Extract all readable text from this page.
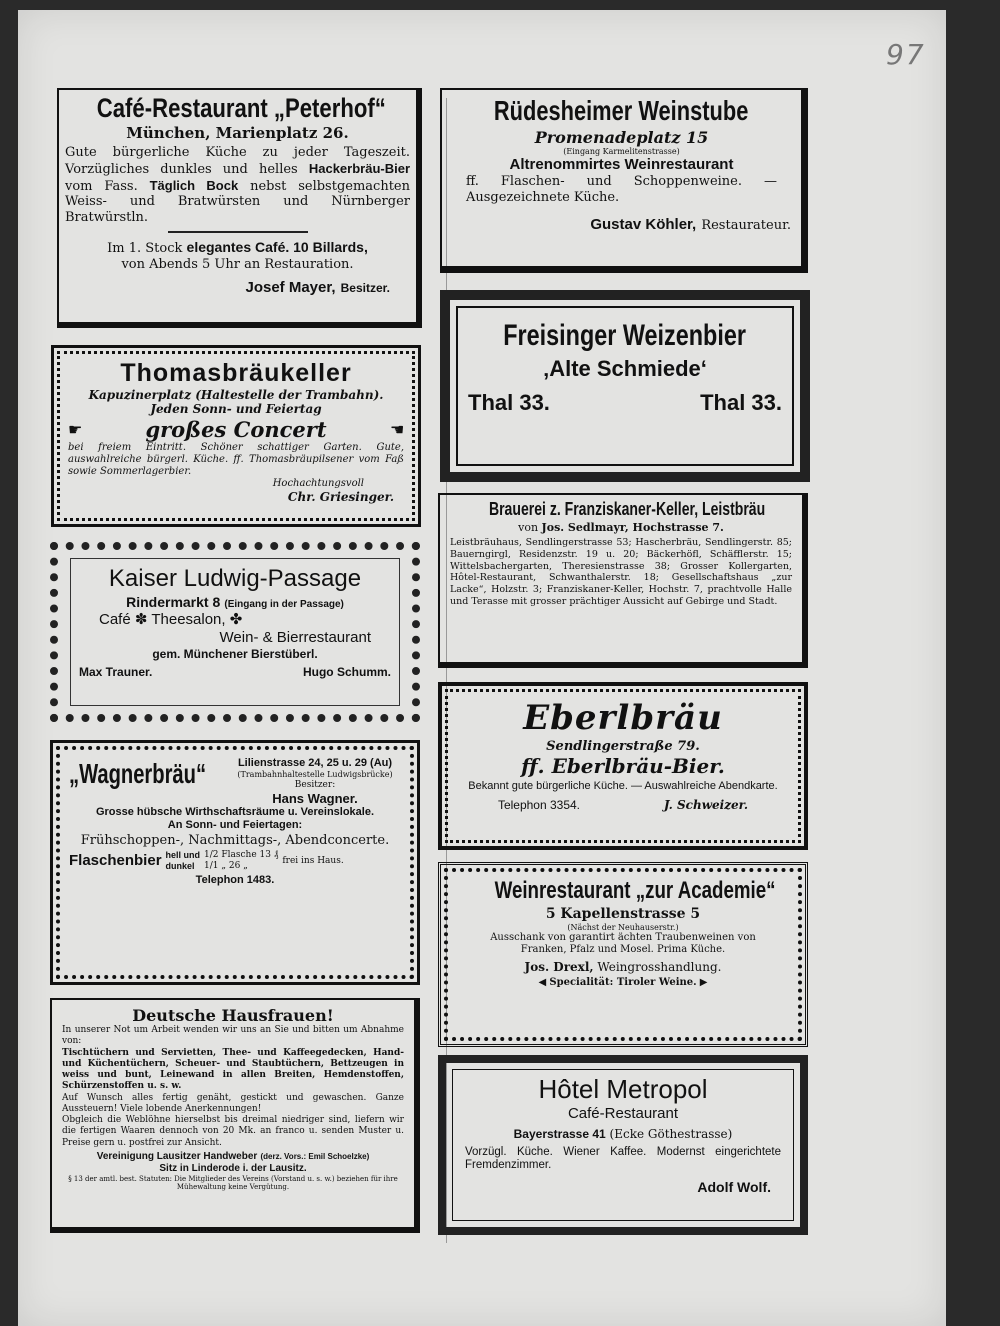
97
Café-Restaurant „Peterhof“
München, Marienplatz 26.
Gute bürgerliche Küche zu jeder Tageszeit. Vorzügliches dunkles und helles Hackerbräu-Bier vom Fass. Täglich Bock nebst selbstgemachten Weiss- und Bratwürsten und Nürnberger Bratwürstln.
Im 1. Stock elegantes Café. 10 Billards,
von Abends 5 Uhr an Restauration.
Josef Mayer, Besitzer.
Thomasbräukeller
Kapuzinerplatz (Haltestelle der Trambahn).
Jeden Sonn- und Feiertag
☛	großes Concert	☛
bei freiem Eintritt. Schöner schattiger Garten. Gute, auswahlreiche bürgerl. Küche. ff. Thomasbräupilsener vom Faß sowie Sommerlagerbier.
Hochachtungsvoll
Chr. Griesinger.
Kaiser Ludwig-Passage
Rindermarkt 8 (Eingang in der Passage)
Café ✽ Theesalon, ✤
Wein- & Bierrestaurant
gem. Münchener Bierstüberl.
Max Trauner.	Hugo Schumm.
„Wagnerbräu“	Lilienstrasse 24, 25 u. 29 (Au)
(Trambahnhaltestelle Ludwigsbrücke)
Besitzer:
Hans Wagner.
Grosse hübsche Wirthschaftsräume u. Vereinslokale.
An Sonn- und Feiertagen:
Frühschoppen-, Nachmittags-, Abendconcerte.
Flaschenbier hell und
dunkel
1/2 Flasche 13 ₰
1/1 „ 26 „
frei ins Haus.
Telephon 1483.
Deutsche Hausfrauen!
In unserer Not um Arbeit wenden wir uns an Sie und bitten um Abnahme von:
Tischtüchern und Servietten, Thee- und Kaffeegedecken, Hand- und Küchentüchern, Scheuer- und Staubtüchern, Bettzeugen in weiss und bunt, Leinewand in allen Breiten, Hemdenstoffen, Schürzenstoffen u. s. w.
Auf Wunsch alles fertig genäht, gestickt und gewaschen. Ganze Aussteuern! Viele lobende Anerkennungen!
Obgleich die Weblöhne hierselbst bis dreimal niedriger sind, liefern wir die fertigen Waaren dennoch von 20 Mk. an franco u. senden Muster u. Preise gern u. postfrei zur Ansicht.
Vereinigung Lausitzer Handweber (derz. Vors.: Emil Schoelzke)
Sitz in Linderode i. der Lausitz.
§ 13 der amtl. best. Statuten: Die Mitglieder des Vereins (Vorstand u. s. w.) beziehen für ihre Mühewaltung keine Vergütung.
Rüdesheimer Weinstube
Promenadeplatz 15
(Eingang Karmelitenstrasse)
Altrenommirtes Weinrestaurant
ff. Flaschen- und Schoppenweine. — Ausgezeichnete Küche.
Gustav Köhler, Restaurateur.
Freisinger Weizenbier
‚Alte Schmiede‘
Thal 33.	Thal 33.
Brauerei z. Franziskaner-Keller, Leistbräu
von Jos. Sedlmayr, Hochstrasse 7.
Leistbräuhaus, Sendlingerstrasse 53; Hascherbräu, Sendlingerstr. 85; Bauerngirgl, Residenzstr. 19 u. 20; Bäckerhöfl, Schäfflerstr. 15; Wittelsbachergarten, Theresienstrasse 38; Grosser Kollergarten, Hôtel-Restaurant, Schwanthalerstr. 18; Gesellschaftshaus „zur Lacke“, Holzstr. 3; Franziskaner-Keller, Hochstr. 7, prachtvolle Halle und Terasse mit grosser prächtiger Aussicht auf Gebirge und Stadt.
Eberlbräu
Sendlingerstraße 79.
ff. Eberlbräu-Bier.
Bekannt gute bürgerliche Küche. — Auswahlreiche Abendkarte.
Telephon 3354.	J. Schweizer.
Weinrestaurant „zur Academie“
5 Kapellenstrasse 5
(Nächst der Neuhauserstr.)
Ausschank von garantirt ächten Traubenweinen von Franken, Pfalz und Mosel. Prima Küche.
Jos. Drexl, Weingrosshandlung.
◀ Specialität: Tiroler Weine. ▶
Hôtel Metropol
Café-Restaurant
Bayerstrasse 41 (Ecke Göthestrasse)
Vorzügl. Küche. Wiener Kaffee. Modernst eingerichtete Fremdenzimmer.
Adolf Wolf.
